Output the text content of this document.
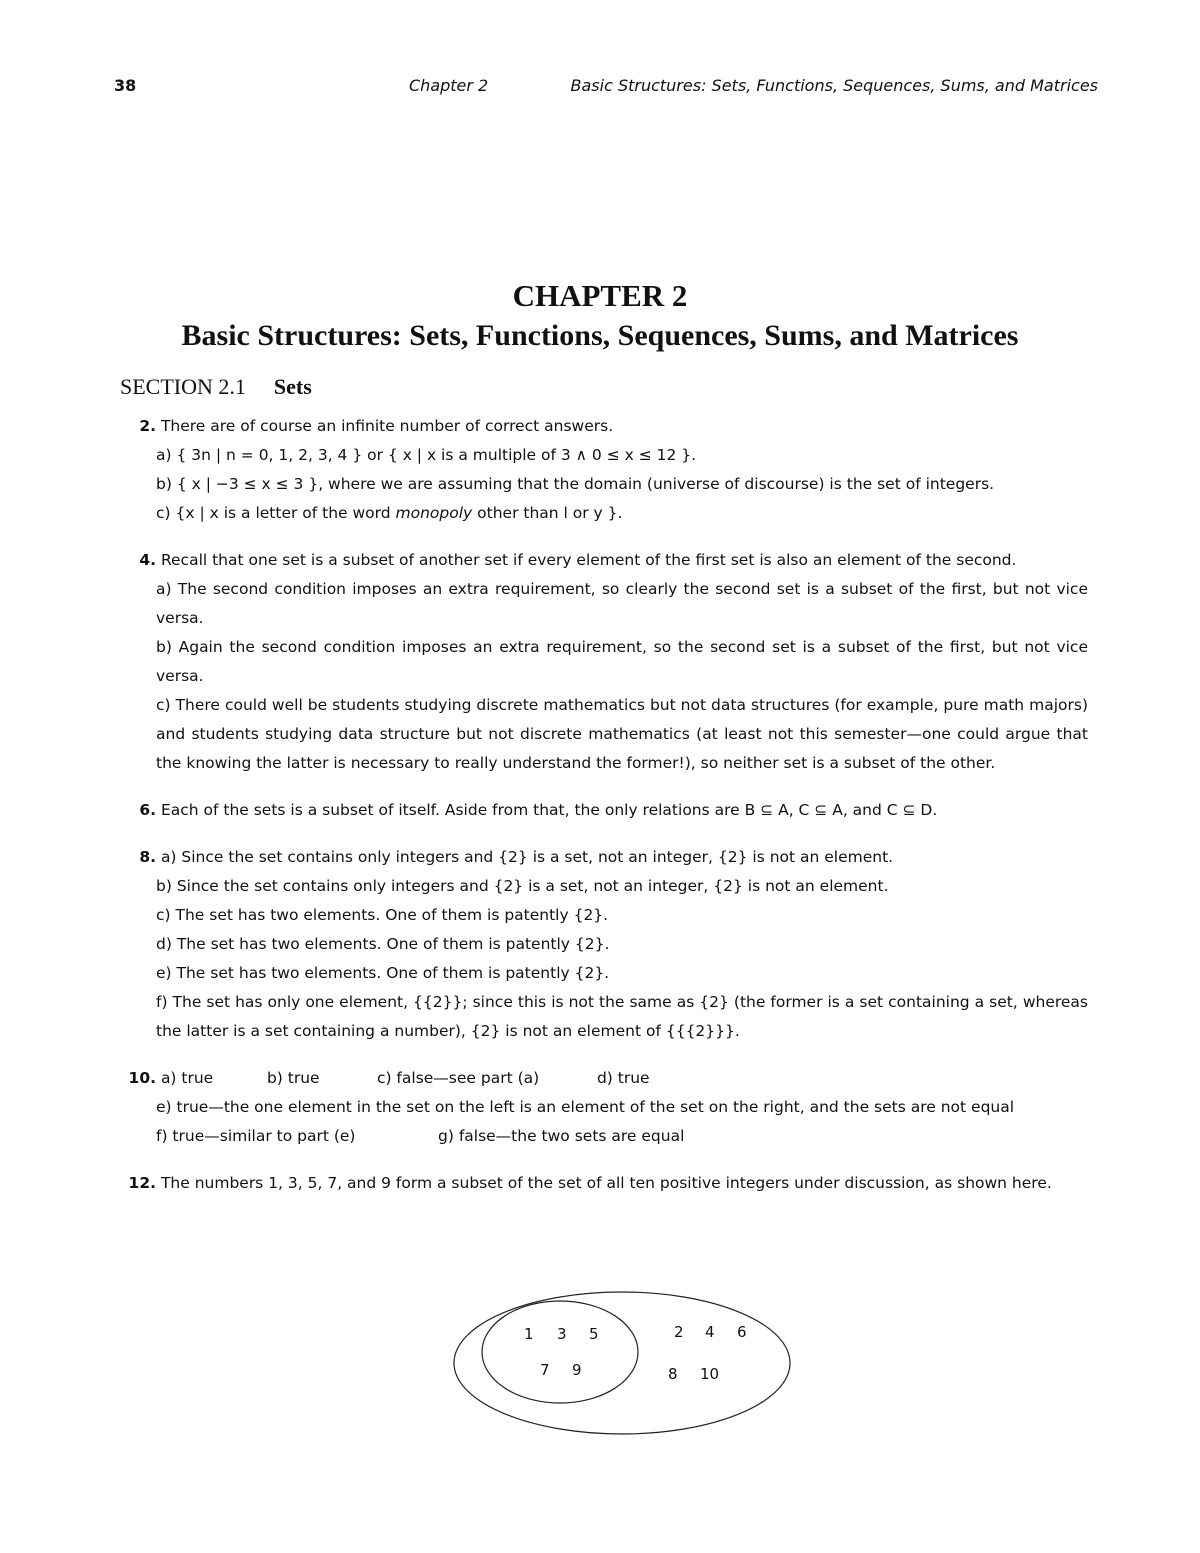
38	Chapter 2	Basic Structures: Sets, Functions, Sequences, Sums, and Matrices
CHAPTER 2
Basic Structures: Sets, Functions, Sequences, Sums, and Matrices
SECTION 2.1 Sets
2. There are of course an infinite number of correct answers.
a) { 3n | n = 0, 1, 2, 3, 4 } or { x | x is a multiple of 3 ∧ 0 ≤ x ≤ 12 }.
b) { x | −3 ≤ x ≤ 3 }, where we are assuming that the domain (universe of discourse) is the set of integers.
c) {x | x is a letter of the word monopoly other than l or y }.
4. Recall that one set is a subset of another set if every element of the first set is also an element of the second.
a) The second condition imposes an extra requirement, so clearly the second set is a subset of the first, but not vice versa.
b) Again the second condition imposes an extra requirement, so the second set is a subset of the first, but not vice versa.
c) There could well be students studying discrete mathematics but not data structures (for example, pure math majors) and students studying data structure but not discrete mathematics (at least not this semester—one could argue that the knowing the latter is necessary to really understand the former!), so neither set is a subset of the other.
6. Each of the sets is a subset of itself. Aside from that, the only relations are B ⊆ A, C ⊆ A, and C ⊆ D.
8. a) Since the set contains only integers and {2} is a set, not an integer, {2} is not an element.
b) Since the set contains only integers and {2} is a set, not an integer, {2} is not an element.
c) The set has two elements. One of them is patently {2}.
d) The set has two elements. One of them is patently {2}.
e) The set has two elements. One of them is patently {2}.
f) The set has only one element, {{2}}; since this is not the same as {2} (the former is a set containing a set, whereas the latter is a set containing a number), {2} is not an element of {{{2}}}.
10. a) true	b) true	c) false—see part (a)	d) true
e) true—the one element in the set on the left is an element of the set on the right, and the sets are not equal
f) true—similar to part (e)	g) false—the two sets are equal
12. The numbers 1, 3, 5, 7, and 9 form a subset of the set of all ten positive integers under discussion, as shown here.
1 3 5
7 9
2 4 6
8 10
